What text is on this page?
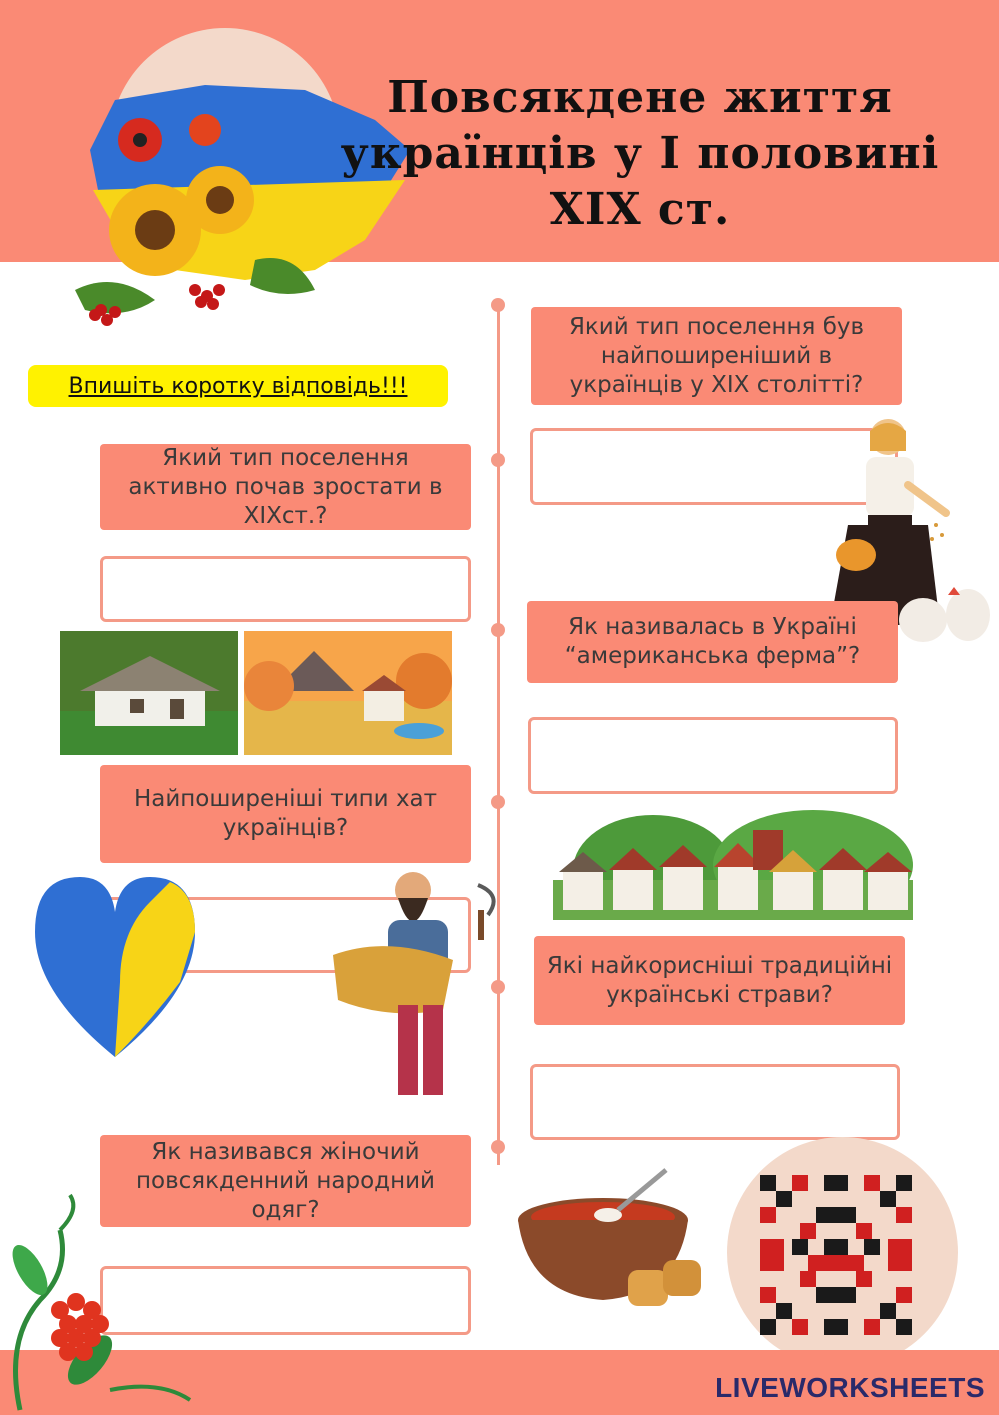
Повсякдене життя українців у І половині ХІХ ст.
Впишіть коротку відповідь!!!
Який тип поселення був найпоширеніший в українців у ХІХ столітті?
Який тип поселення активно почав зростати в ХІХст.?
Як називалась в Україні “американська ферма”?
Найпоширеніші типи хат українців?
Які найкорисніші традиційні українські страви?
Як називався жіночий повсякденний народний одяг?
LIVEWORKSHEETS
